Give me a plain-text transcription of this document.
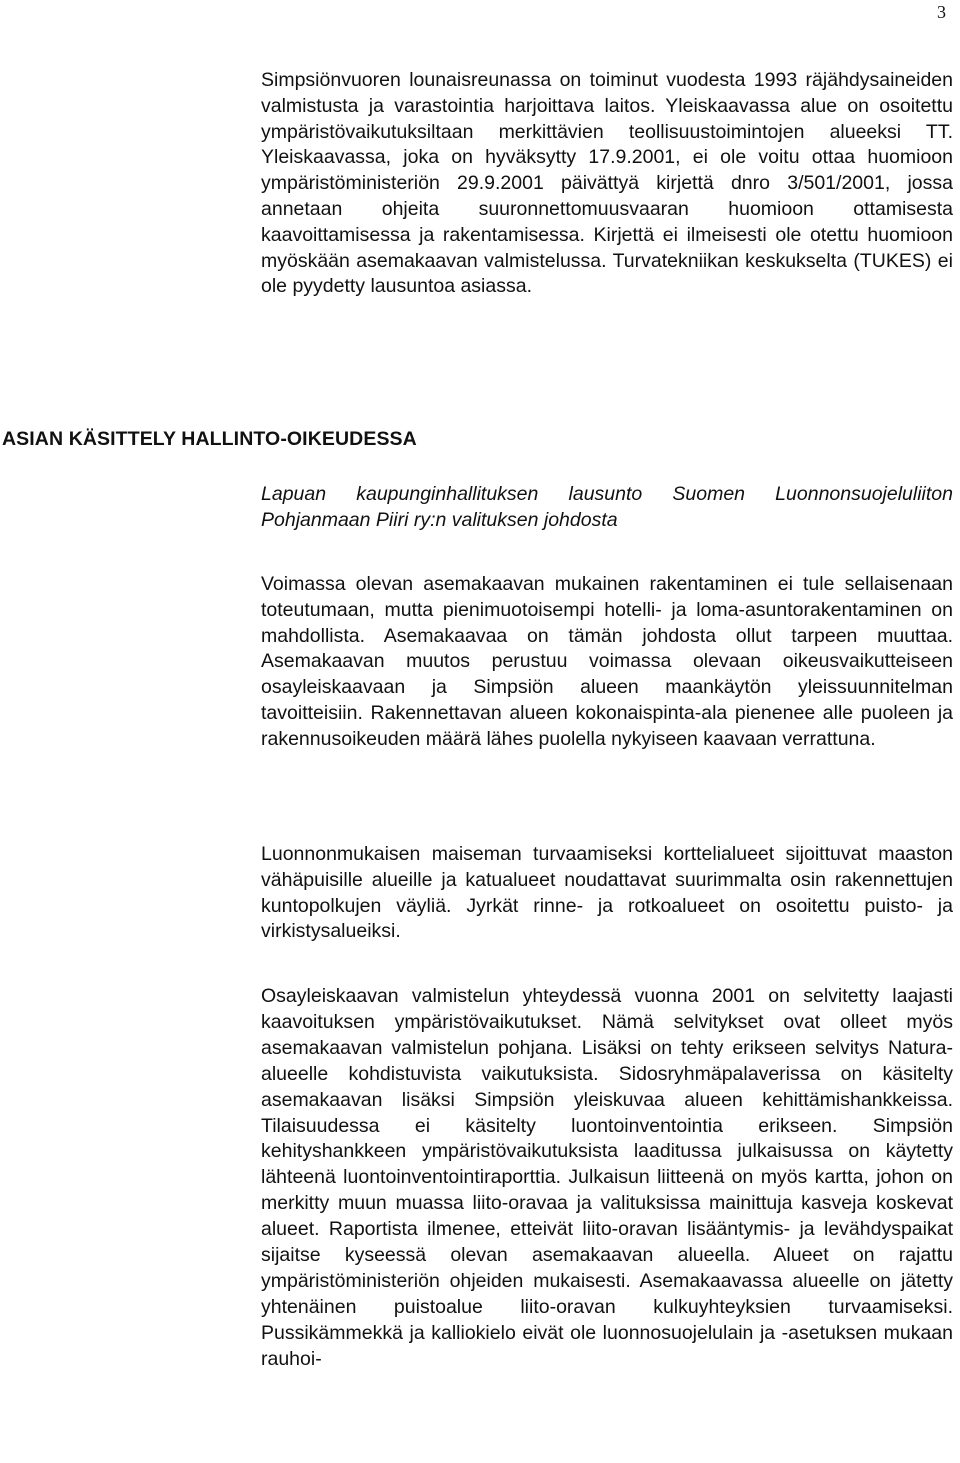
3

Simpsiönvuoren lounaisreunassa on toiminut vuodesta 1993 räjähdysaineiden valmistusta ja varastointia harjoittava laitos. Yleiskaavassa alue on osoitettu ympäristövaikutuksiltaan merkittävien teollisuustoimintojen alueeksi TT. Yleiskaavassa, joka on hyväksytty 17.9.2001, ei ole voitu ottaa huomioon ympäristöministeriön 29.9.2001 päivättyä kirjettä dnro 3/501/2001, jossa annetaan ohjeita suuronnettomuusvaaran huomioon ottamisesta kaavoittamisessa ja rakentamisessa. Kirjettä ei ilmeisesti ole otettu huomioon myöskään asemakaavan valmistelussa. Turvatekniikan keskukselta (TUKES) ei ole pyydetty lausuntoa asiassa.

ASIAN KÄSITTELY HALLINTO-OIKEUDESSA

Lapuan kaupunginhallituksen lausunto Suomen Luonnonsuojeluliiton Pohjanmaan Piiri ry:n valituksen johdosta

Voimassa olevan asemakaavan mukainen rakentaminen ei tule sellaisenaan toteutumaan, mutta pienimuotoisempi hotelli- ja loma-asuntorakentaminen on mahdollista. Asemakaavaa on tämän johdosta ollut tarpeen muuttaa. Asemakaavan muutos perustuu voimassa olevaan oikeusvaikutteiseen osayleiskaavaan ja Simpsiön alueen maankäytön yleissuunnitelman tavoitteisiin. Rakennettavan alueen kokonaispinta-ala pienenee alle puoleen ja rakennusoikeuden määrä lähes puolella nykyiseen kaavaan verrattuna.

Luonnonmukaisen maiseman turvaamiseksi korttelialueet sijoittuvat maaston vähäpuisille alueille ja katualueet noudattavat suurimmalta osin rakennettujen kuntopolkujen väyliä. Jyrkät rinne- ja rotkoalueet on osoitettu puisto- ja virkistysalueiksi.

Osayleiskaavan valmistelun yhteydessä vuonna 2001 on selvitetty laajasti kaavoituksen ympäristövaikutukset. Nämä selvitykset ovat olleet myös asemakaavan valmistelun pohjana. Lisäksi on tehty erikseen selvitys Natura-alueelle kohdistuvista vaikutuksista. Sidosryhmäpalaverissa on käsitelty asemakaavan lisäksi Simpsiön yleiskuvaa alueen kehittämishankkeissa. Tilaisuudessa ei käsitelty luontoinventointia erikseen. Simpsiön kehityshankkeen ympäristövaikutuksista laaditussa julkaisussa on käytetty lähteenä luontoinventointiraporttia. Julkaisun liitteenä on myös kartta, johon on merkitty muun muassa liito-oravaa ja valituksissa mainittuja kasveja koskevat alueet. Raportista ilmenee, etteivät liito-oravan lisääntymis- ja levähdyspaikat sijaitse kyseessä olevan asemakaavan alueella. Alueet on rajattu ympäristöministeriön ohjeiden mukaisesti. Asemakaavassa alueelle on jätetty yhtenäinen puistoalue liito-oravan kulkuyhteyksien turvaamiseksi. Pussikämmekkä ja kalliokielo eivät ole luonnosuojelulain ja -asetuksen mukaan rauhoi-
